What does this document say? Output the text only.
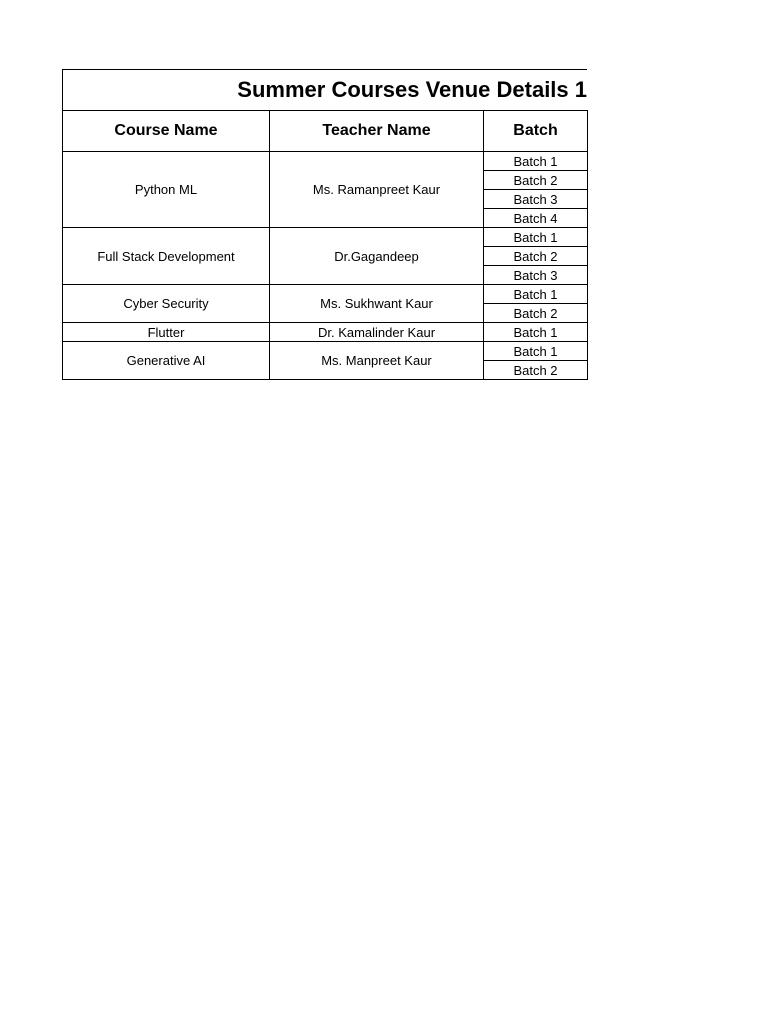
Summer Courses Venue Details 1
Course Name	Teacher Name	Batch
Python ML	Ms. Ramanpreet Kaur	Batch 1
		Batch 2
		Batch 3
		Batch 4
Full Stack Development	Dr.Gagandeep	Batch 1
		Batch 2
		Batch 3
Cyber Security	Ms. Sukhwant Kaur	Batch 1
		Batch 2
Flutter	Dr. Kamalinder Kaur	Batch 1
Generative AI	Ms. Manpreet Kaur	Batch 1
		Batch 2
